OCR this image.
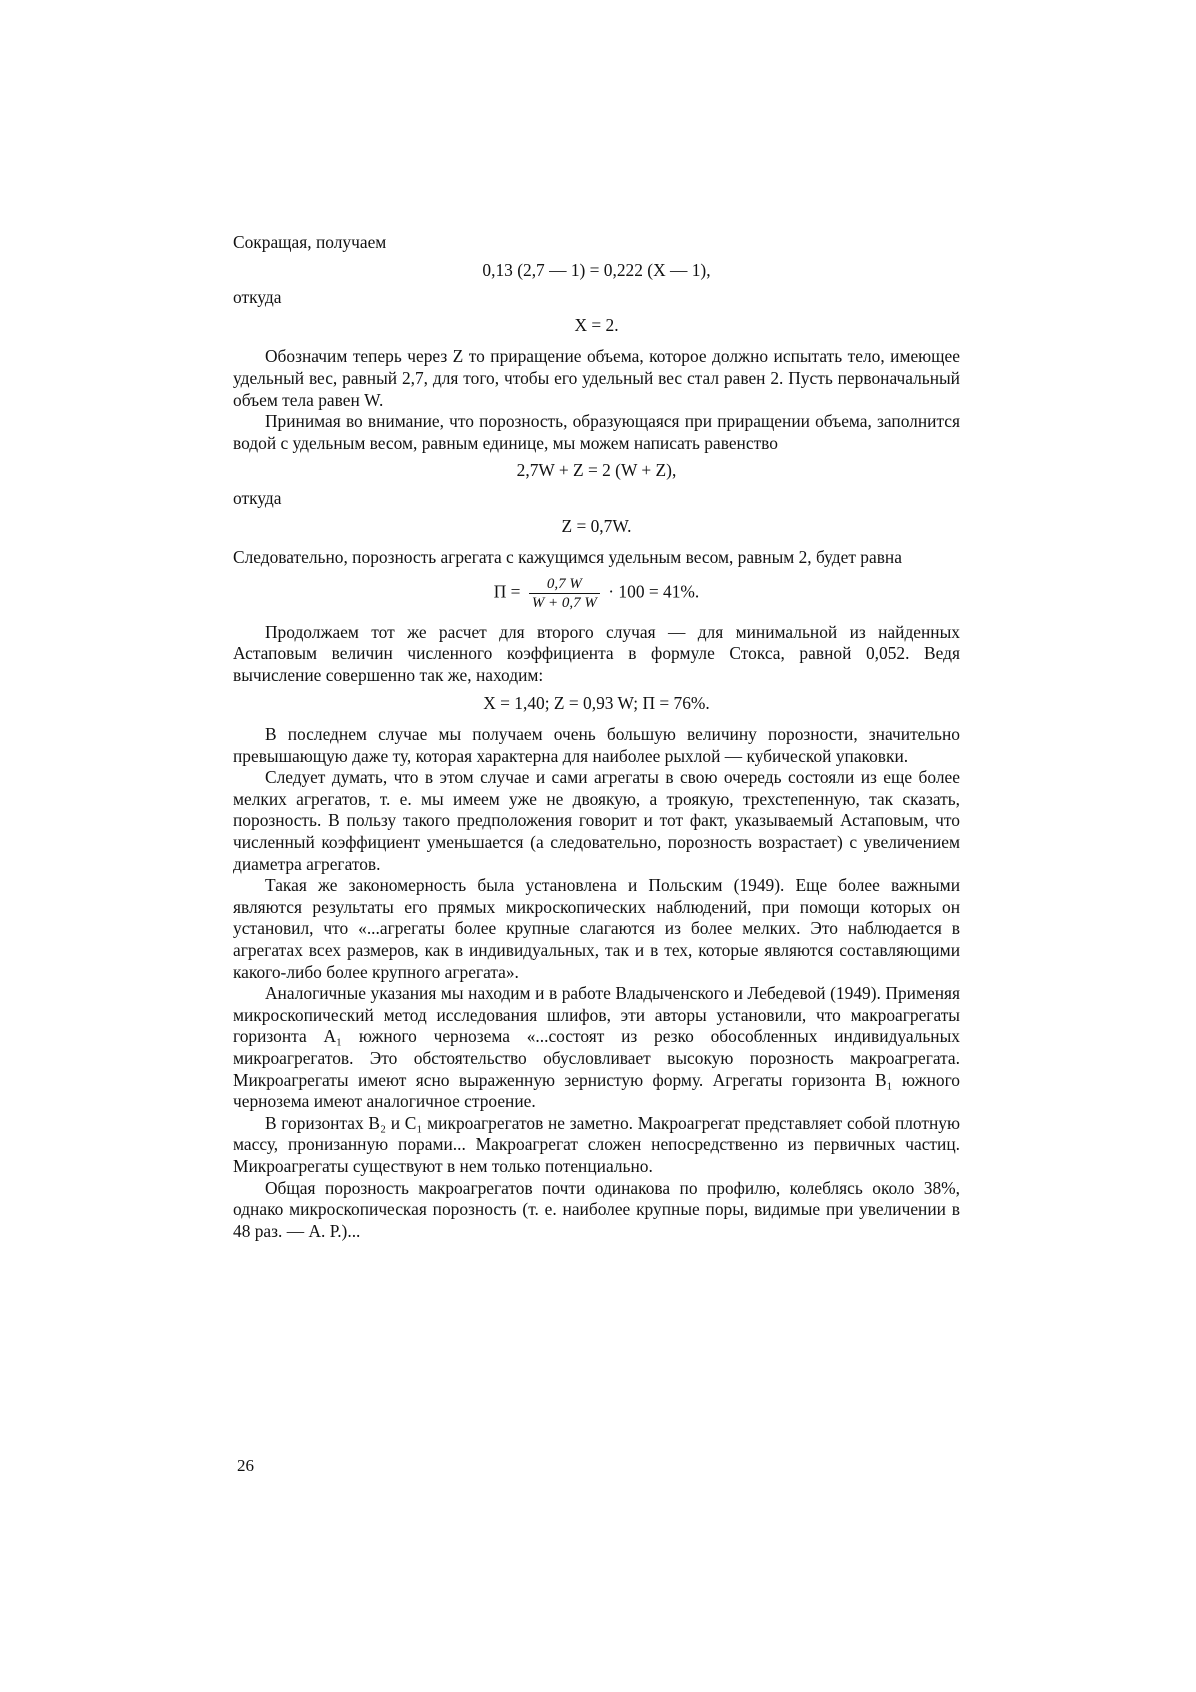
Сокращая, получаем

0,13 (2,7 — 1) = 0,222 (X — 1),

откуда

X = 2.

Обозначим теперь через Z то приращение объема, которое должно испытать тело, имеющее удельный вес, равный 2,7, для того, чтобы его удельный вес стал равен 2. Пусть первоначальный объем тела равен W.

Принимая во внимание, что порозность, образующаяся при приращении объема, заполнится водой с удельным весом, равным единице, мы можем написать равенство

2,7W + Z = 2 (W + Z),

откуда

Z = 0,7W.

Следовательно, порозность агрегата с кажущимся удельным весом, равным 2, будет равна

$П = \frac{0,7 W}{W + 0,7 W} \cdot 100 = 41\%$.

Продолжаем тот же расчет для второго случая — для минимальной из найденных Астаповым величин численного коэффициента в формуле Стокса, равной 0,052. Ведя вычисление совершенно так же, находим:

X = 1,40; Z = 0,93 W; П = 76%.

В последнем случае мы получаем очень большую величину порозности, значительно превышающую даже ту, которая характерна для наиболее рыхлой — кубической упаковки.

Следует думать, что в этом случае и сами агрегаты в свою очередь состояли из еще более мелких агрегатов, т. е. мы имеем уже не двоякую, а троякую, трехстепенную, так сказать, порозность. В пользу такого предположения говорит и тот факт, указываемый Астаповым, что численный коэффициент уменьшается (а следовательно, порозность возрастает) с увеличением диаметра агрегатов.

Такая же закономерность была установлена и Польским (1949). Еще более важными являются результаты его прямых микроскопических наблюдений, при помощи которых он установил, что «...агрегаты более крупные слагаются из более мелких. Это наблюдается в агрегатах всех размеров, как в индивидуальных, так и в тех, которые являются составляющими какого-либо более крупного агрегата».

Аналогичные указания мы находим и в работе Владыченского и Лебедевой (1949). Применяя микроскопический метод исследования шлифов, эти авторы установили, что макроагрегаты горизонта A₁ южного чернозема «...состоят из резко обособленных индивидуальных микроагрегатов. Это обстоятельство обусловливает высокую порозность макроагрегата. Микроагрегаты имеют ясно выраженную зернистую форму. Агрегаты горизонта B₁ южного чернозема имеют аналогичное строение.

В горизонтах B₂ и C₁ микроагрегатов не заметно. Макроагрегат представляет собой плотную массу, пронизанную порами... Макроагрегат сложен непосредственно из первичных частиц. Микроагрегаты существуют в нем только потенциально.

Общая порозность макроагрегатов почти одинакова по профилю, колеблясь около 38%, однако микроскопическая порозность (т. е. наиболее крупные поры, видимые при увеличении в 48 раз. — А. Р.)...

26
